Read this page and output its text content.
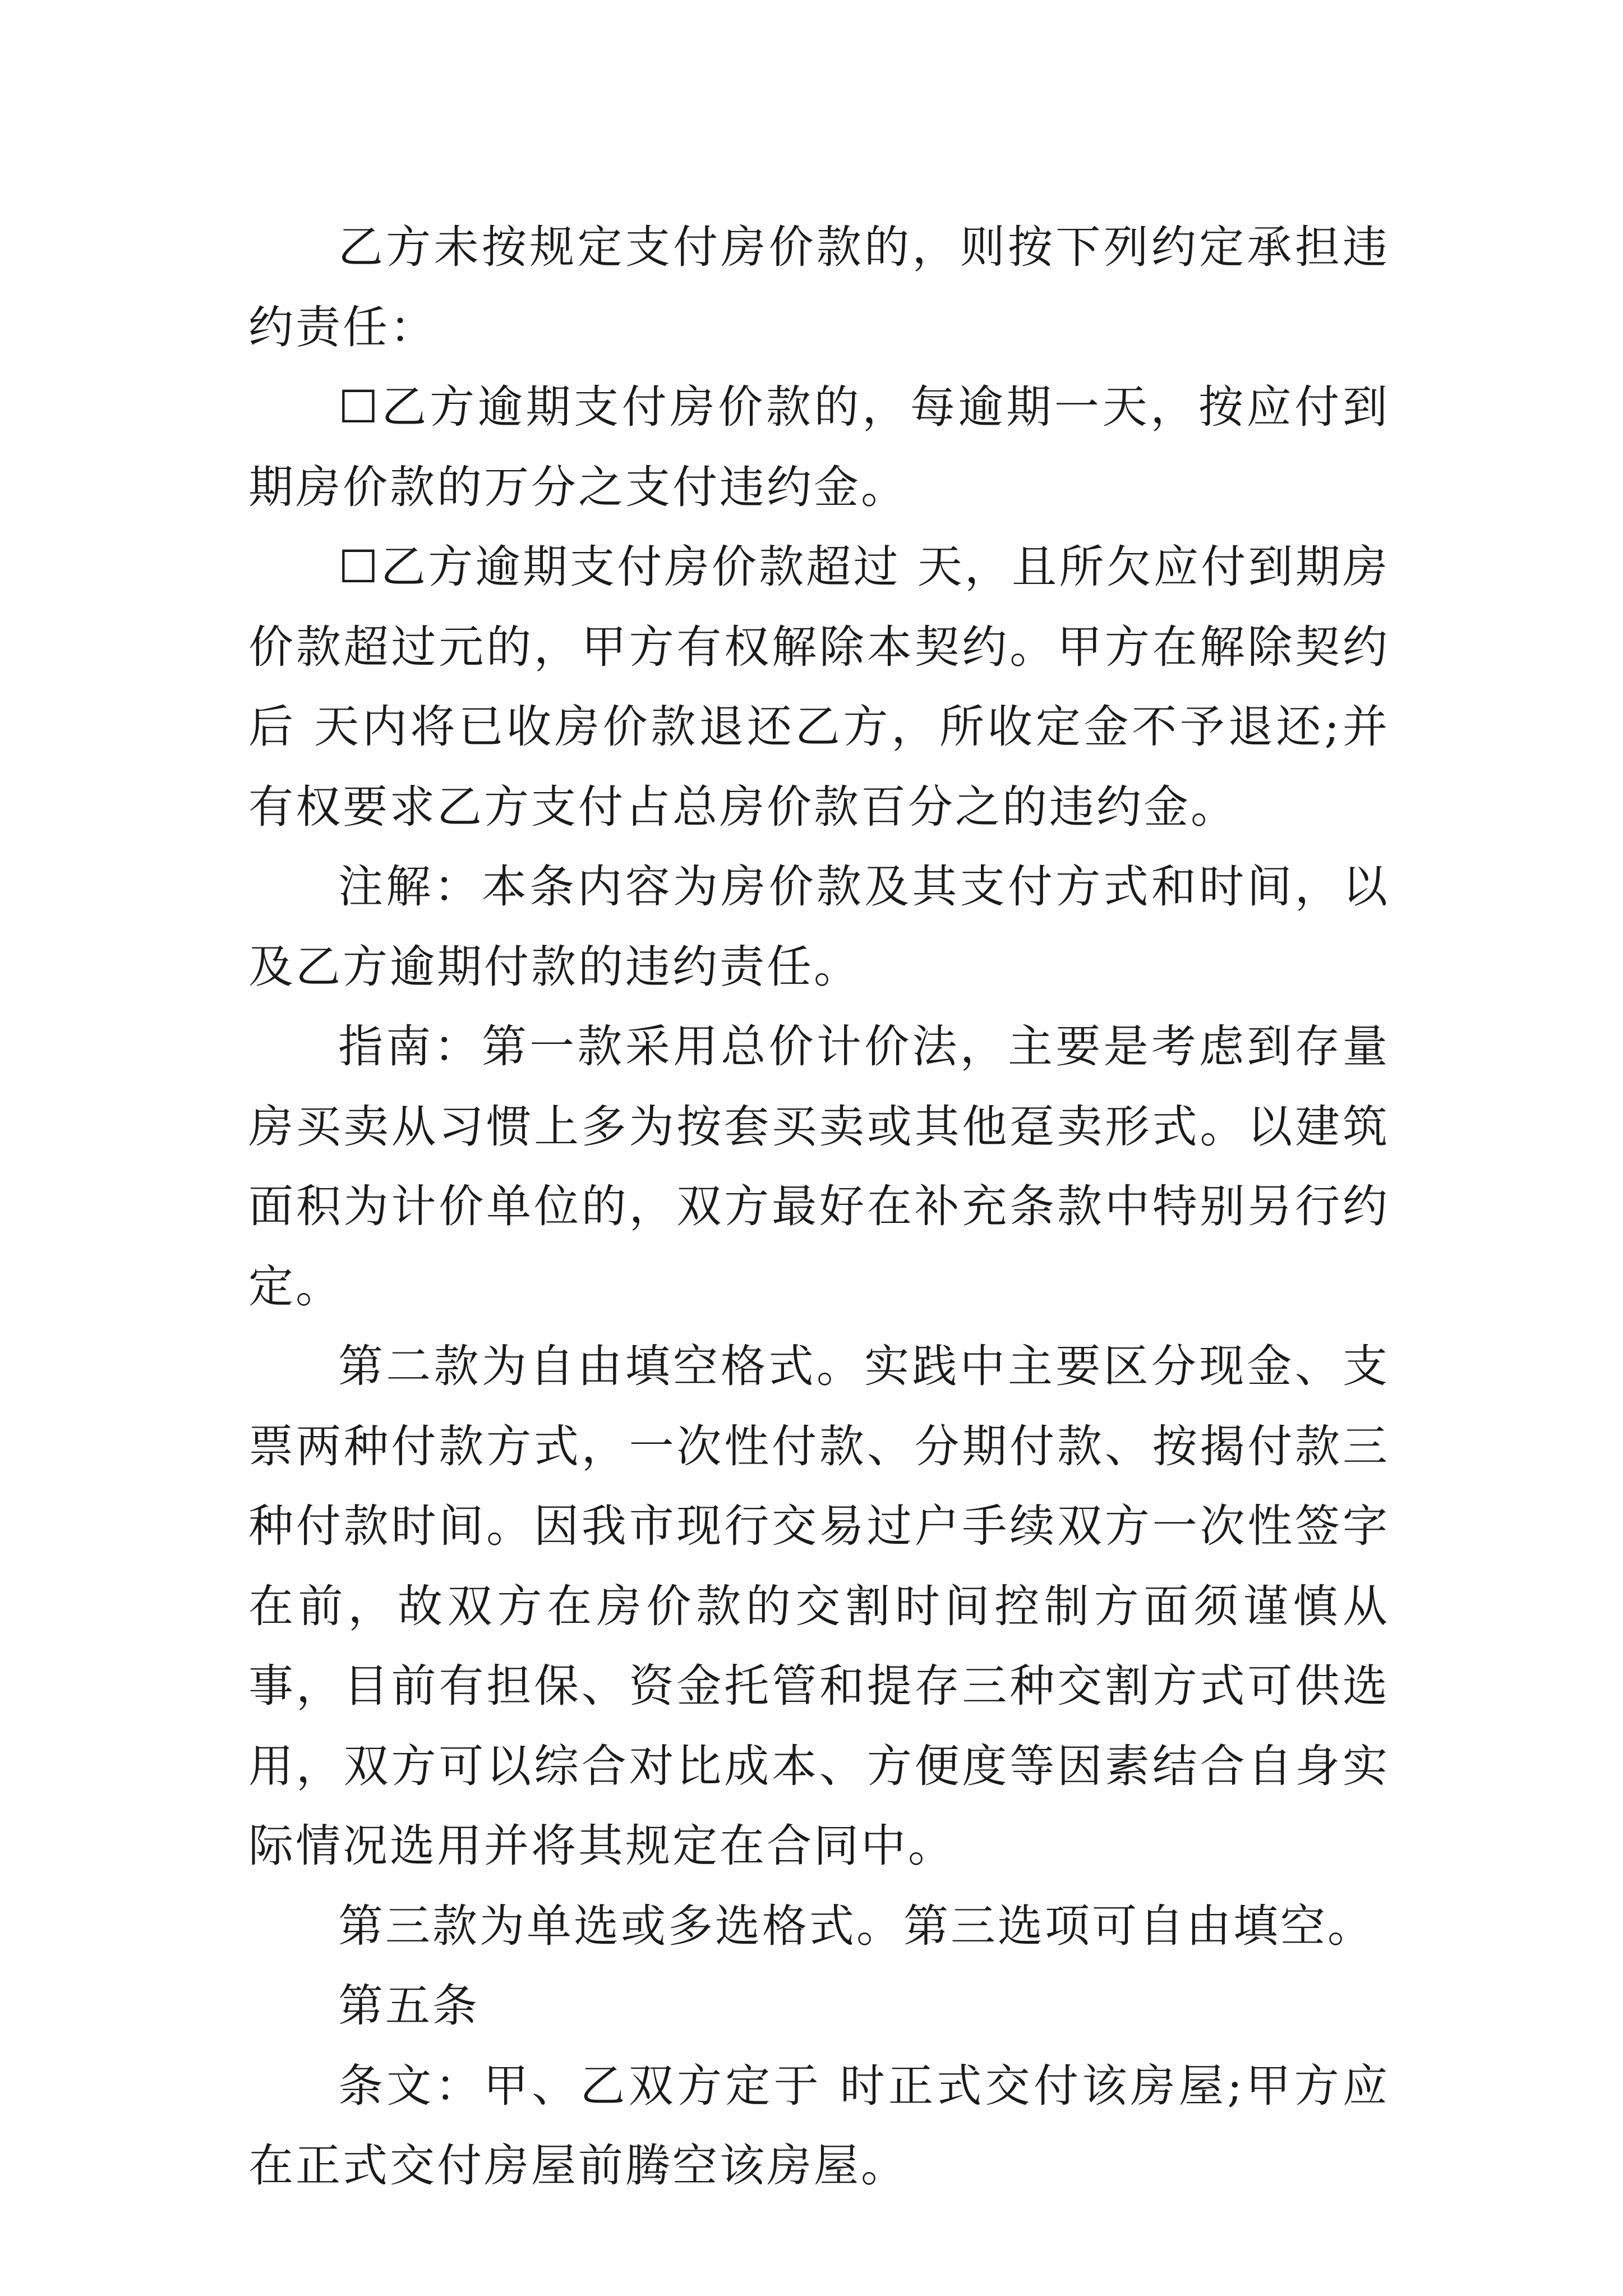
乙方未按规定支付房价款的，则按下列约定承担违约责任：

☐乙方逾期支付房价款的，每逾期一天，按应付到期房价款的万分之支付违约金。

☐乙方逾期支付房价款超过 天，且所欠应付到期房价款超过元的，甲方有权解除本契约。甲方在解除契约后 天内将已收房价款退还乙方，所收定金不予退还;并有权要求乙方支付占总房价款百分之的违约金。

注解：本条内容为房价款及其支付方式和时间，以及乙方逾期付款的违约责任。

指南：第一款采用总价计价法，主要是考虑到存量房买卖从习惯上多为按套买卖或其他趸卖形式。以建筑面积为计价单位的，双方最好在补充条款中特别另行约定。

第二款为自由填空格式。实践中主要区分现金、支票两种付款方式，一次性付款、分期付款、按揭付款三种付款时间。因我市现行交易过户手续双方一次性签字在前，故双方在房价款的交割时间控制方面须谨慎从事，目前有担保、资金托管和提存三种交割方式可供选用，双方可以综合对比成本、方便度等因素结合自身实际情况选用并将其规定在合同中。

第三款为单选或多选格式。第三选项可自由填空。

第五条

条文：甲、乙双方定于 时正式交付该房屋;甲方应在正式交付房屋前腾空该房屋。
